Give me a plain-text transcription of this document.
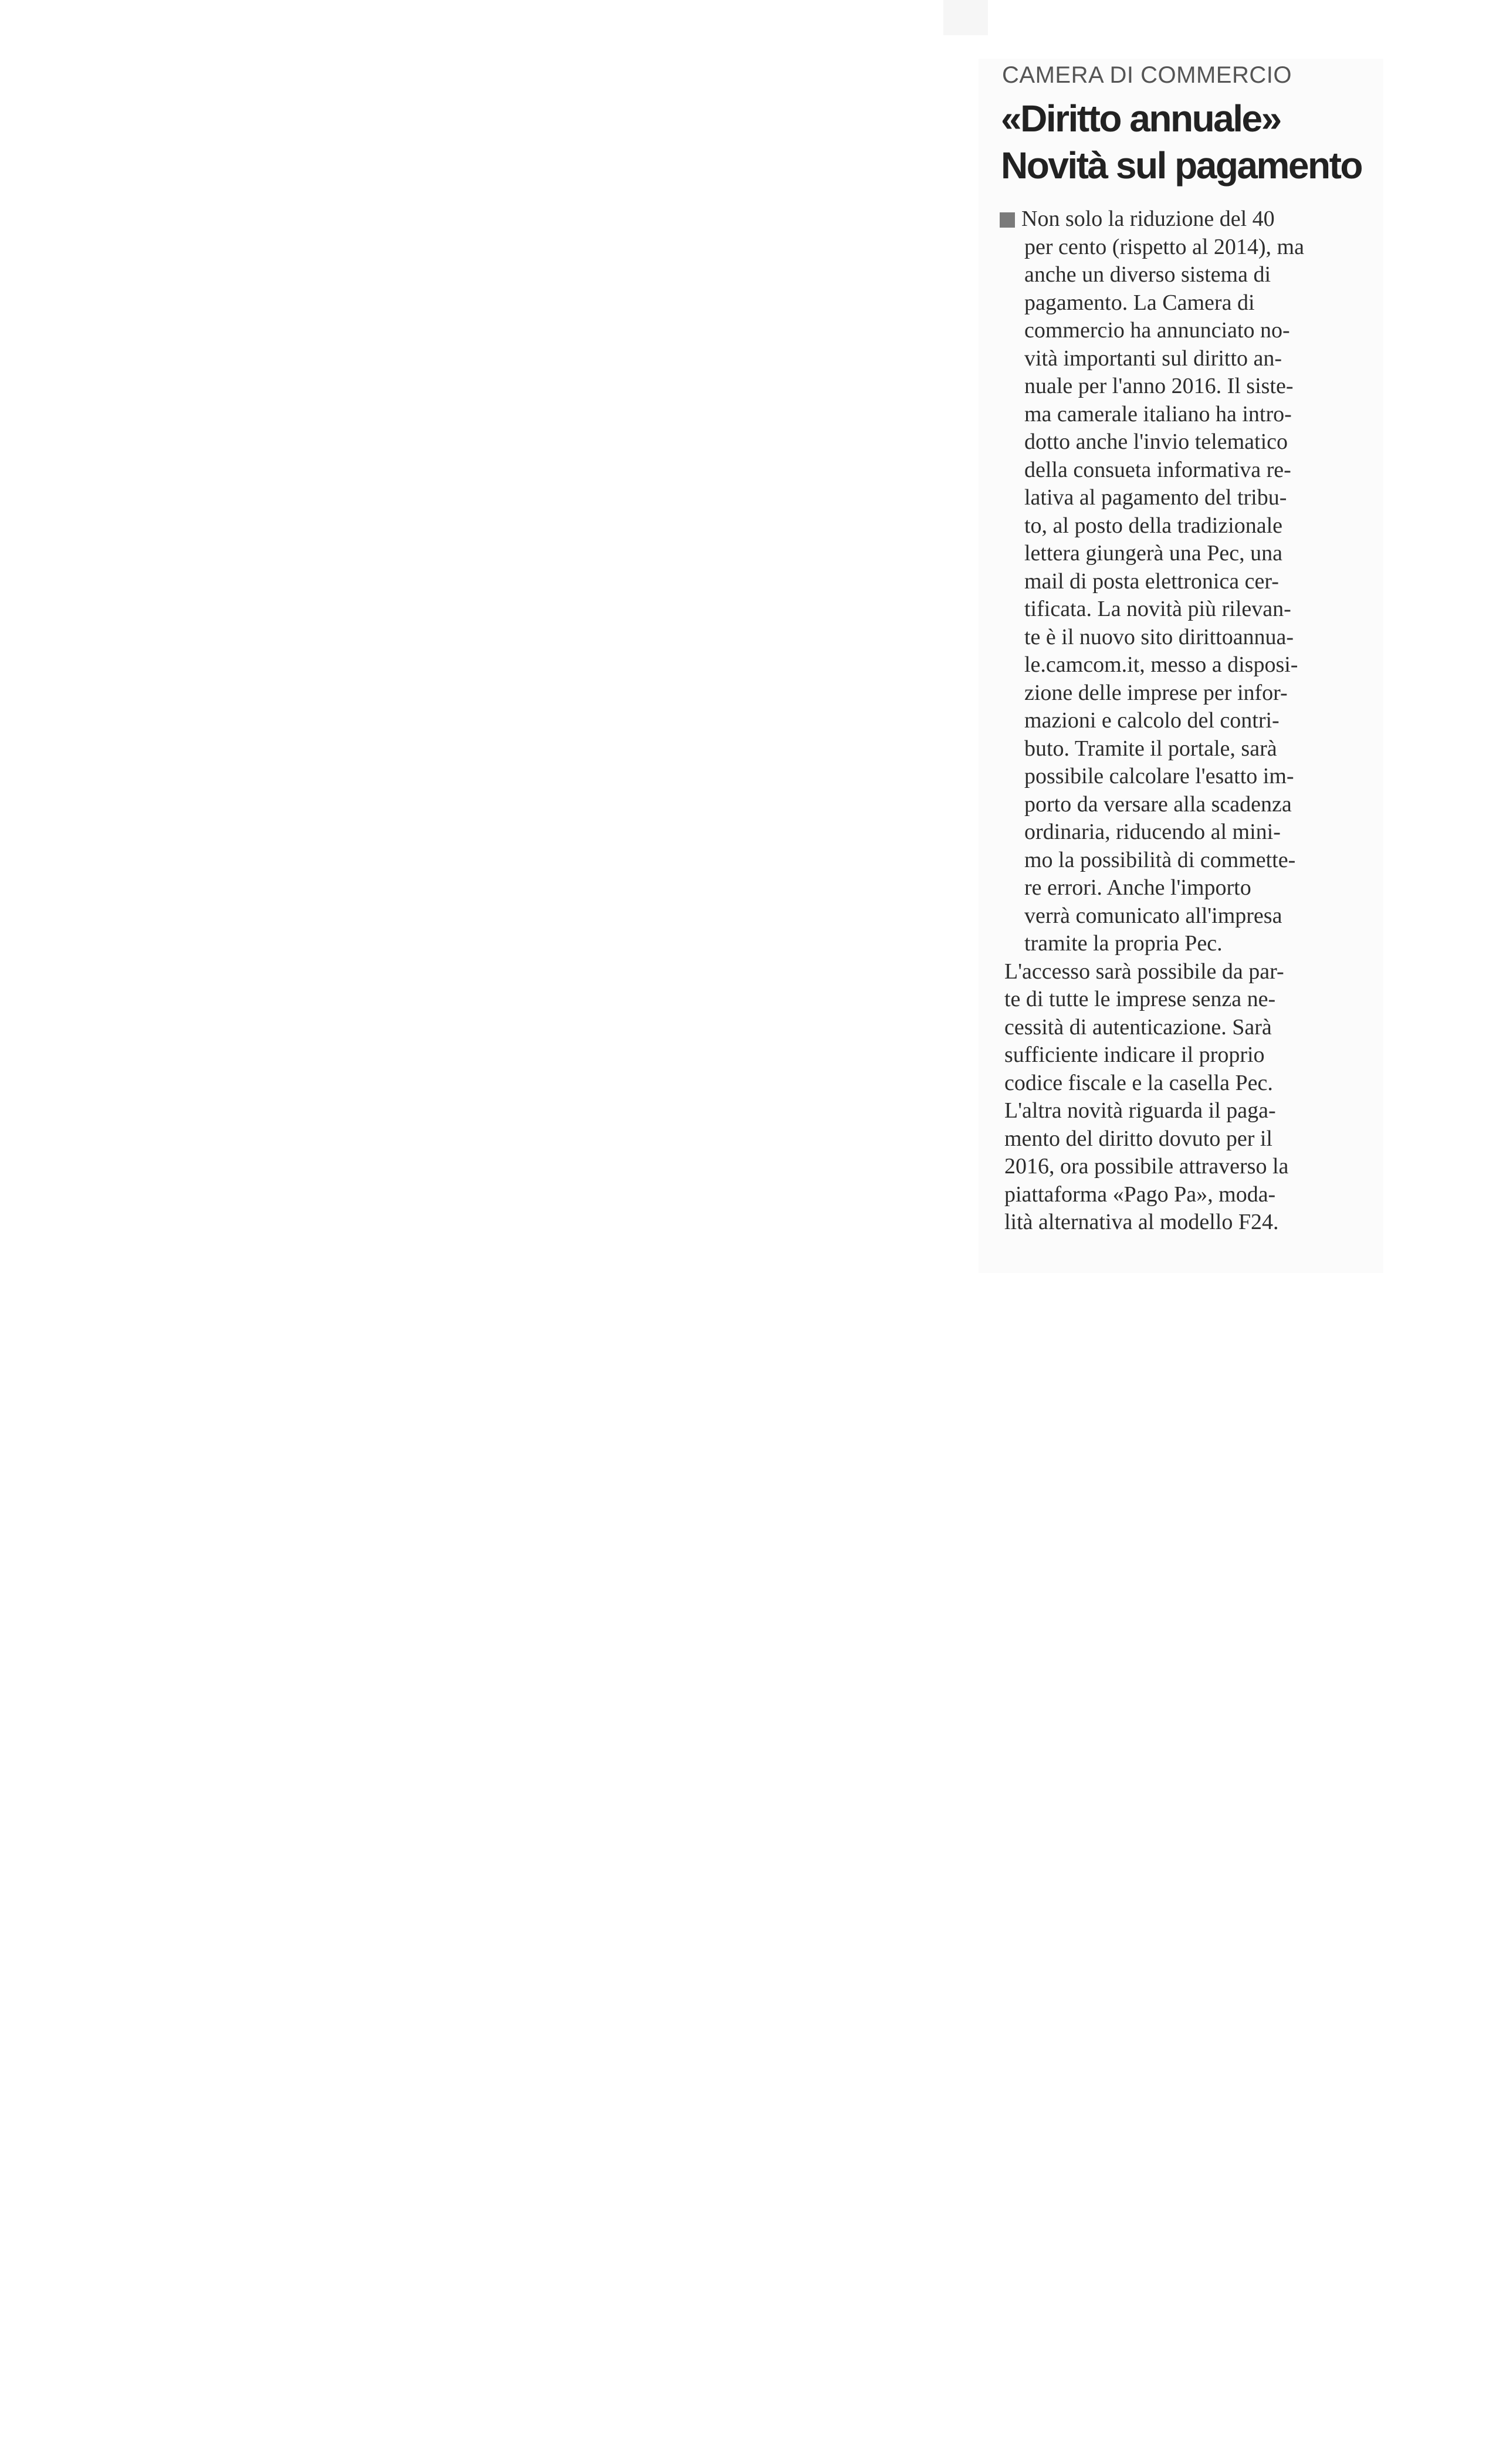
CAMERA DI COMMERCIO

«Diritto annuale»
Novità sul pagamento
Non solo la riduzione del 40
per cento (rispetto al 2014), ma
anche un diverso sistema di
pagamento. La Camera di
commercio ha annunciato no-
vità importanti sul diritto an-
nuale per l'anno 2016. Il siste-
ma camerale italiano ha intro-
dotto anche l'invio telematico
della consueta informativa re-
lativa al pagamento del tribu-
to, al posto della tradizionale
lettera giungerà una Pec, una
mail di posta elettronica cer-
tificata. La novità più rilevan-
te è il nuovo sito dirittoannua-
le.camcom.it, messo a disposi-
zione delle imprese per infor-
mazioni e calcolo del contri-
buto. Tramite il portale, sarà
possibile calcolare l'esatto im-
porto da versare alla scadenza
ordinaria, riducendo al mini-
mo la possibilità di commette-
re errori. Anche l'importo
verrà comunicato all'impresa
tramite la propria Pec.
L'accesso sarà possibile da par-
te di tutte le imprese senza ne-
cessità di autenticazione. Sarà
sufficiente indicare il proprio
codice fiscale e la casella Pec.
L'altra novità riguarda il paga-
mento del diritto dovuto per il
2016, ora possibile attraverso la
piattaforma «Pago Pa», moda-
lità alternativa al modello F24.
